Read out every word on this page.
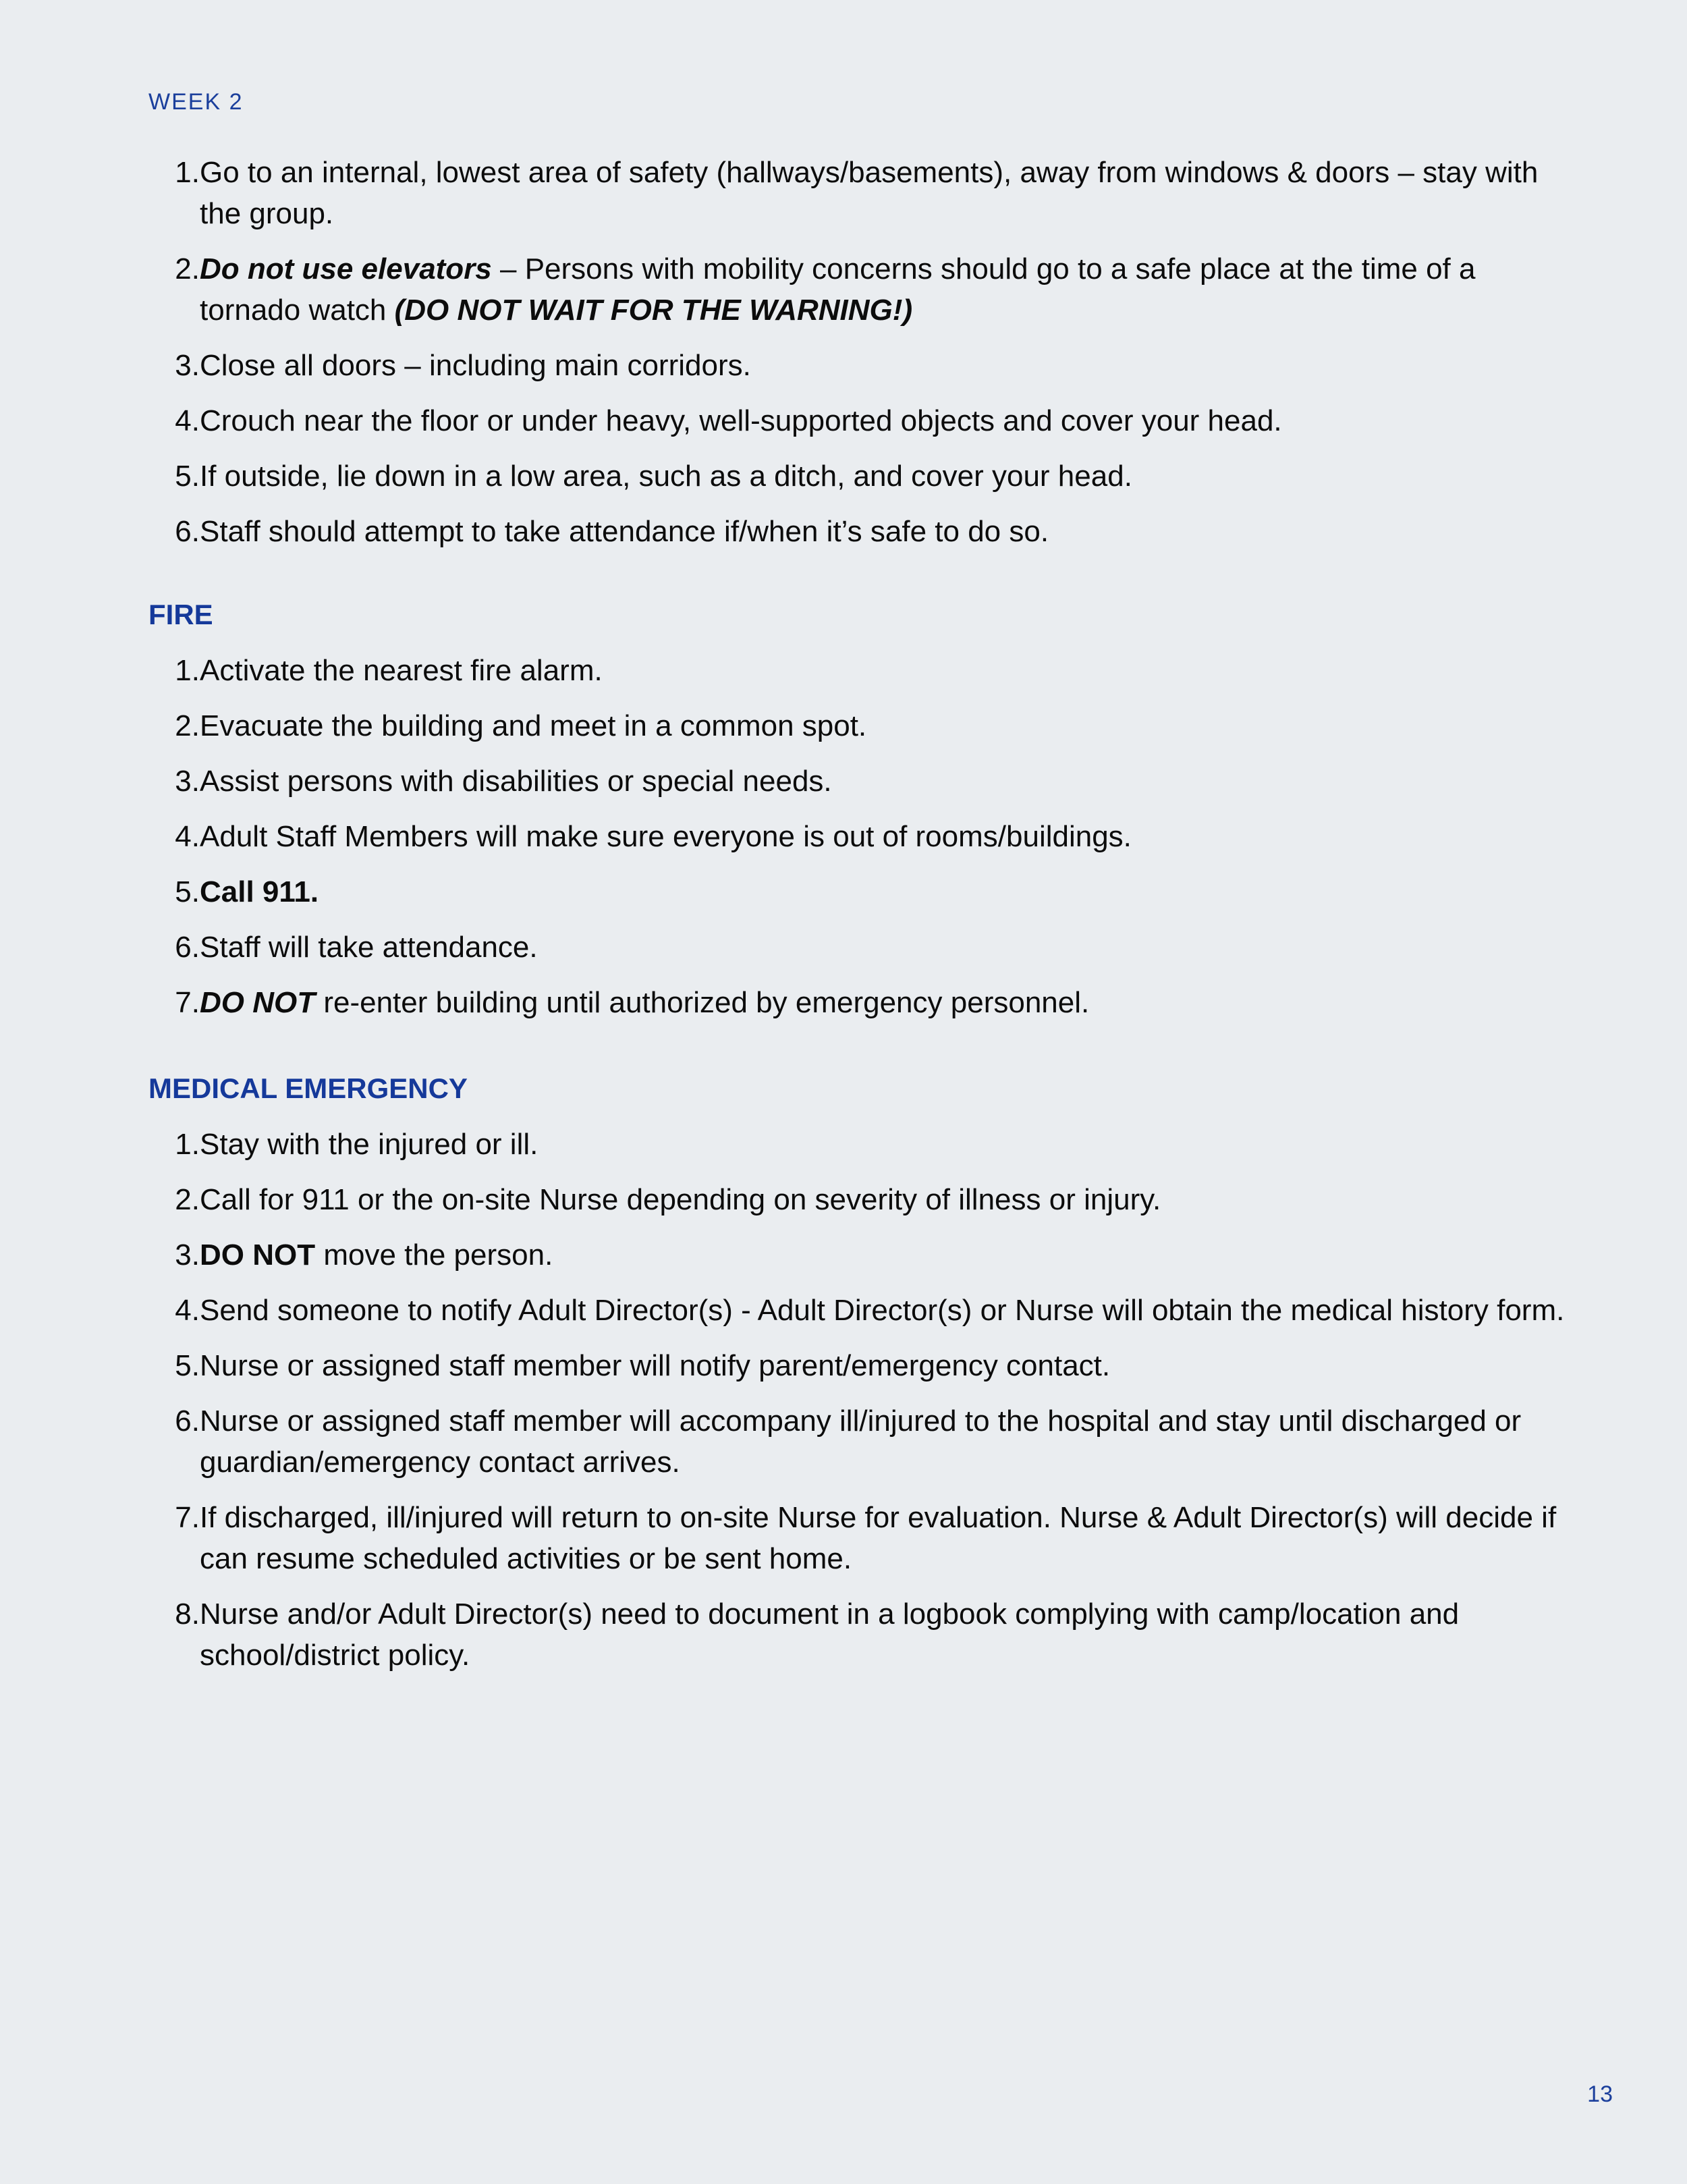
WEEK 2
1. Go to an internal, lowest area of safety (hallways/basements), away from windows & doors – stay with the group.
2. Do not use elevators – Persons with mobility concerns should go to a safe place at the time of a tornado watch (DO NOT WAIT FOR THE WARNING!)
3. Close all doors – including main corridors.
4. Crouch near the floor or under heavy, well-supported objects and cover your head.
5. If outside, lie down in a low area, such as a ditch, and cover your head.
6. Staff should attempt to take attendance if/when it’s safe to do so.
FIRE
1. Activate the nearest fire alarm.
2. Evacuate the building and meet in a common spot.
3. Assist persons with disabilities or special needs.
4. Adult Staff Members will make sure everyone is out of rooms/buildings.
5. Call 911.
6. Staff will take attendance.
7. DO NOT re-enter building until authorized by emergency personnel.
MEDICAL EMERGENCY
1. Stay with the injured or ill.
2. Call for 911 or the on-site Nurse depending on severity of illness or injury.
3. DO NOT move the person.
4. Send someone to notify Adult Director(s) - Adult Director(s) or Nurse will obtain the medical history form.
5. Nurse or assigned staff member will notify parent/emergency contact.
6. Nurse or assigned staff member will accompany ill/injured to the hospital and stay until discharged or guardian/emergency contact arrives.
7. If discharged, ill/injured will return to on-site Nurse for evaluation. Nurse & Adult Director(s) will decide if can resume scheduled activities or be sent home.
8. Nurse and/or Adult Director(s) need to document in a logbook complying with camp/location and school/district policy.
13
